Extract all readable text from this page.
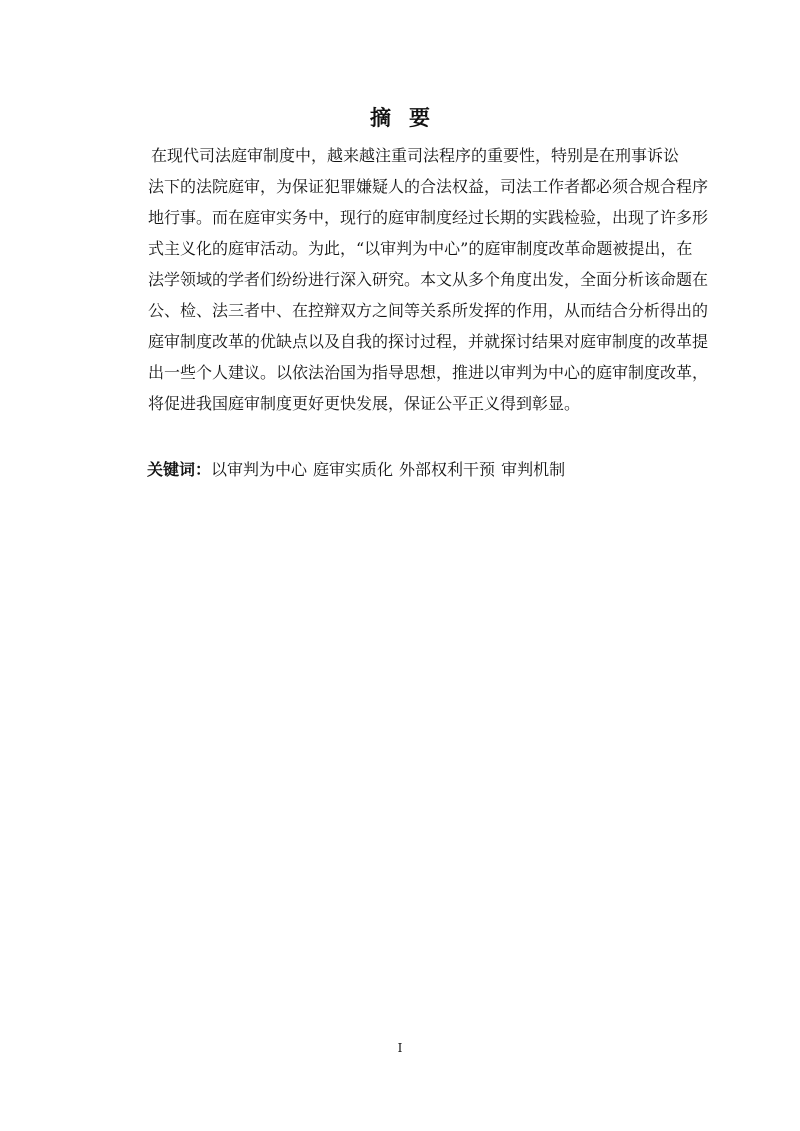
摘要
在现代司法庭审制度中，越来越注重司法程序的重要性，特别是在刑事诉讼
法下的法院庭审，为保证犯罪嫌疑人的合法权益，司法工作者都必须合规合程序
地行事。而在庭审实务中，现行的庭审制度经过长期的实践检验，出现了许多形
式主义化的庭审活动。为此，“以审判为中心”的庭审制度改革命题被提出，在
法学领域的学者们纷纷进行深入研究。本文从多个角度出发，全面分析该命题在
公、检、法三者中、在控辩双方之间等关系所发挥的作用，从而结合分析得出的
庭审制度改革的优缺点以及自我的探讨过程，并就探讨结果对庭审制度的改革提
出一些个人建议。以依法治国为指导思想，推进以审判为中心的庭审制度改革，
将促进我国庭审制度更好更快发展，保证公平正义得到彰显。
关键词：以审判为中心 庭审实质化 外部权利干预 审判机制
I
